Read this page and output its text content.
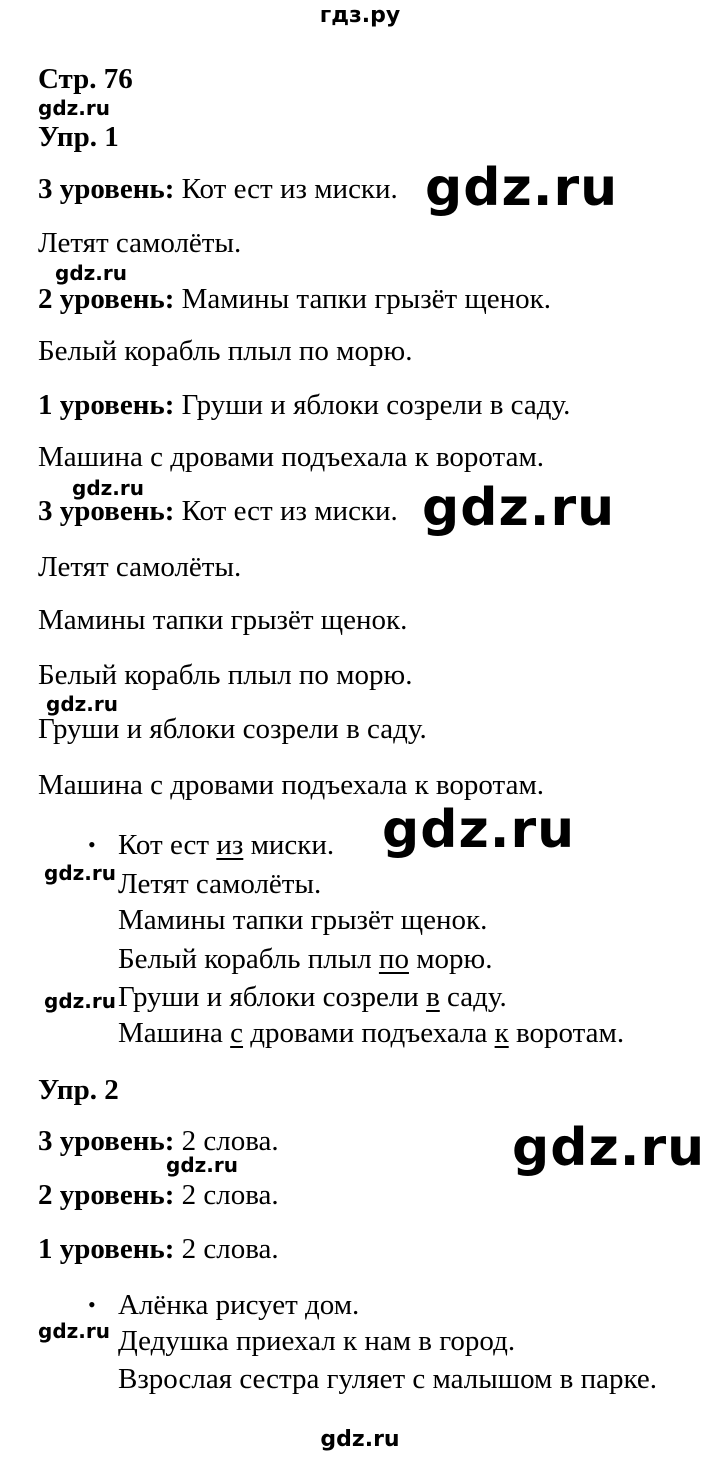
гдз.ру
Стр. 76
gdz.ru
Упр. 1
3 уровень: Кот ест из миски. gdz.ru
Летят самолёты.
gdz.ru
2 уровень: Мамины тапки грызёт щенок.
Белый корабль плыл по морю.
1 уровень: Груши и яблоки созрели в саду.
Машина с дровами подъехала к воротам.
gdz.ru
3 уровень: Кот ест из миски. gdz.ru
Летят самолёты.
Мамины тапки грызёт щенок.
Белый корабль плыл по морю.
gdz.ru
Груши и яблоки созрели в саду.
Машина с дровами подъехала к воротам.
• Кот ест из миски. gdz.ru
gdz.ru Летят самолёты.
Мамины тапки грызёт щенок.
Белый корабль плыл по морю.
gdz.ru Груши и яблоки созрели в саду.
Машина с дровами подъехала к воротам.
Упр. 2
3 уровень: 2 слова.	gdz.ru
gdz.ru
2 уровень: 2 слова.
1 уровень: 2 слова.
• Алёнка рисует дом.
gdz.ru Дедушка приехал к нам в город.
Взрослая сестра гуляет с малышом в парке.
gdz.ru
